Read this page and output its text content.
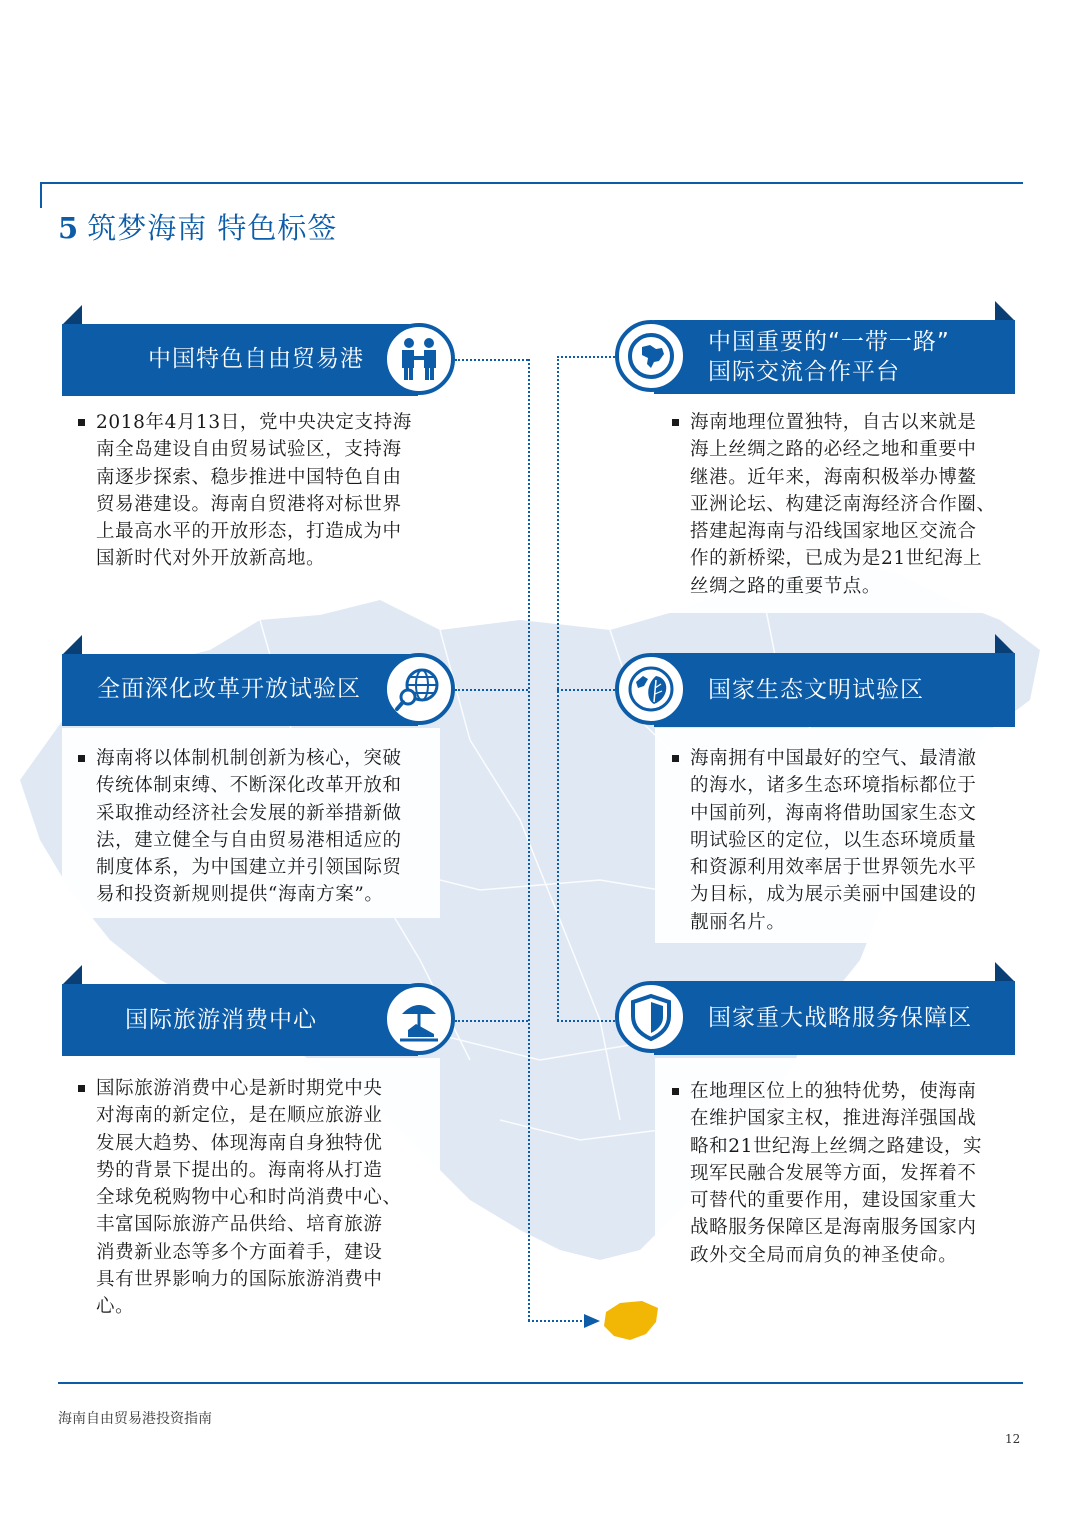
5 筑梦海南 特色标签
中国特色自由贸易港
2018年4月13日，党中央决定支持海
南全岛建设自由贸易试验区，支持海
南逐步探索、稳步推进中国特色自由
贸易港建设。海南自贸港将对标世界
上最高水平的开放形态，打造成为中
国新时代对外开放新高地。
中国重要的“一带一路”
国际交流合作平台
海南地理位置独特，自古以来就是
海上丝绸之路的必经之地和重要中
继港。近年来，海南积极举办博鳌
亚洲论坛、构建泛南海经济合作圈、
搭建起海南与沿线国家地区交流合
作的新桥梁，已成为是21世纪海上
丝绸之路的重要节点。
全面深化改革开放试验区
海南将以体制机制创新为核心，突破
传统体制束缚、不断深化改革开放和
采取推动经济社会发展的新举措新做
法，建立健全与自由贸易港相适应的
制度体系，为中国建立并引领国际贸
易和投资新规则提供“海南方案”。
国家生态文明试验区
海南拥有中国最好的空气、最清澈
的海水，诸多生态环境指标都位于
中国前列，海南将借助国家生态文
明试验区的定位，以生态环境质量
和资源利用效率居于世界领先水平
为目标，成为展示美丽中国建设的
靓丽名片。
国际旅游消费中心
国际旅游消费中心是新时期党中央
对海南的新定位，是在顺应旅游业
发展大趋势、体现海南自身独特优
势的背景下提出的。海南将从打造
全球免税购物中心和时尚消费中心、
丰富国际旅游产品供给、培育旅游
消费新业态等多个方面着手，建设
具有世界影响力的国际旅游消费中
心。
国家重大战略服务保障区
在地理区位上的独特优势，使海南
在维护国家主权，推进海洋强国战
略和21世纪海上丝绸之路建设，实
现军民融合发展等方面，发挥着不
可替代的重要作用，建设国家重大
战略服务保障区是海南服务国家内
政外交全局而肩负的神圣使命。
海南自由贸易港投资指南
12
